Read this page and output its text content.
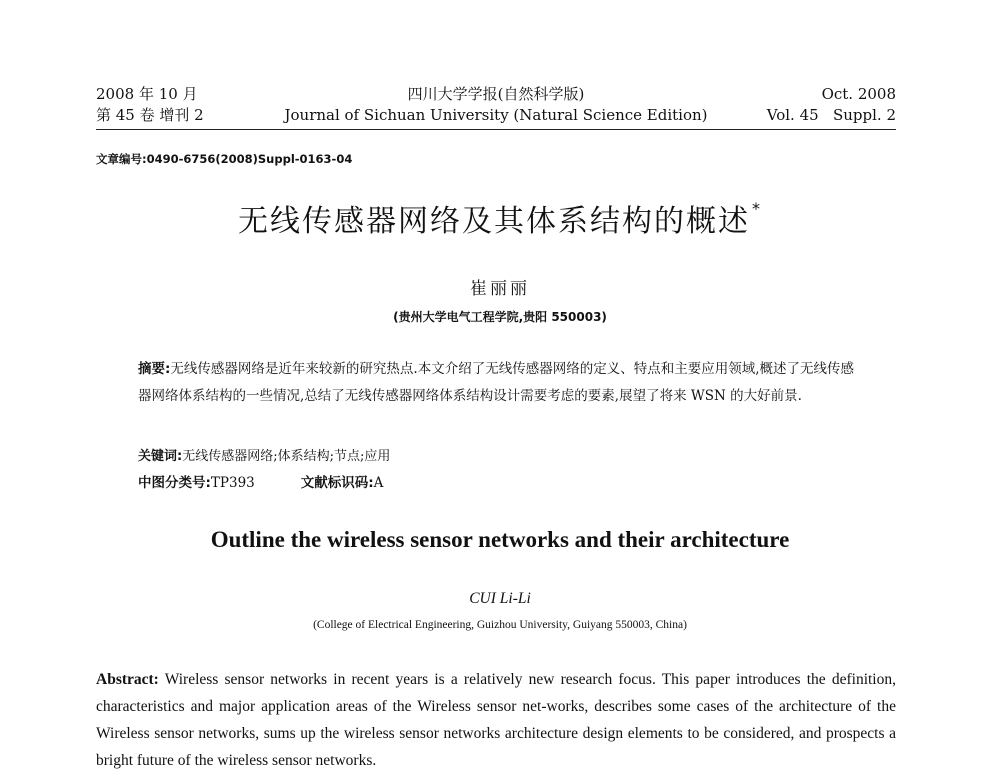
2008 年 10 月
第 45 卷 增刊 2
四川大学学报(自然科学版)
Journal of Sichuan University (Natural Science Edition)
Oct. 2008
Vol. 45   Suppl. 2
文章编号:0490-6756(2008)Suppl-0163-04
无线传感器网络及其体系结构的概述 *
崔丽丽
(贵州大学电气工程学院,贵阳 550003)
摘要:无线传感器网络是近年来较新的研究热点.本文介绍了无线传感器网络的定义、特点和主要应用领域,概述了无线传感器网络体系结构的一些情况,总结了无线传感器网络体系结构设计需要考虑的要素,展望了将来 WSN 的大好前景.
关键词:无线传感器网络;体系结构;节点;应用
中图分类号:TP393	文献标识码:A
Outline the wireless sensor networks and their architecture
CUI Li-Li
(College of Electrical Engineering, Guizhou University, Guiyang 550003, China)
Abstract: Wireless sensor networks in recent years is a relatively new research focus. This paper introduces the definition, characteristics and major application areas of the Wireless sensor net-works, describes some cases of the architecture of the Wireless sensor networks, sums up the wireless sensor networks architecture design elements to be considered, and prospects a bright future of the wireless sensor networks.
